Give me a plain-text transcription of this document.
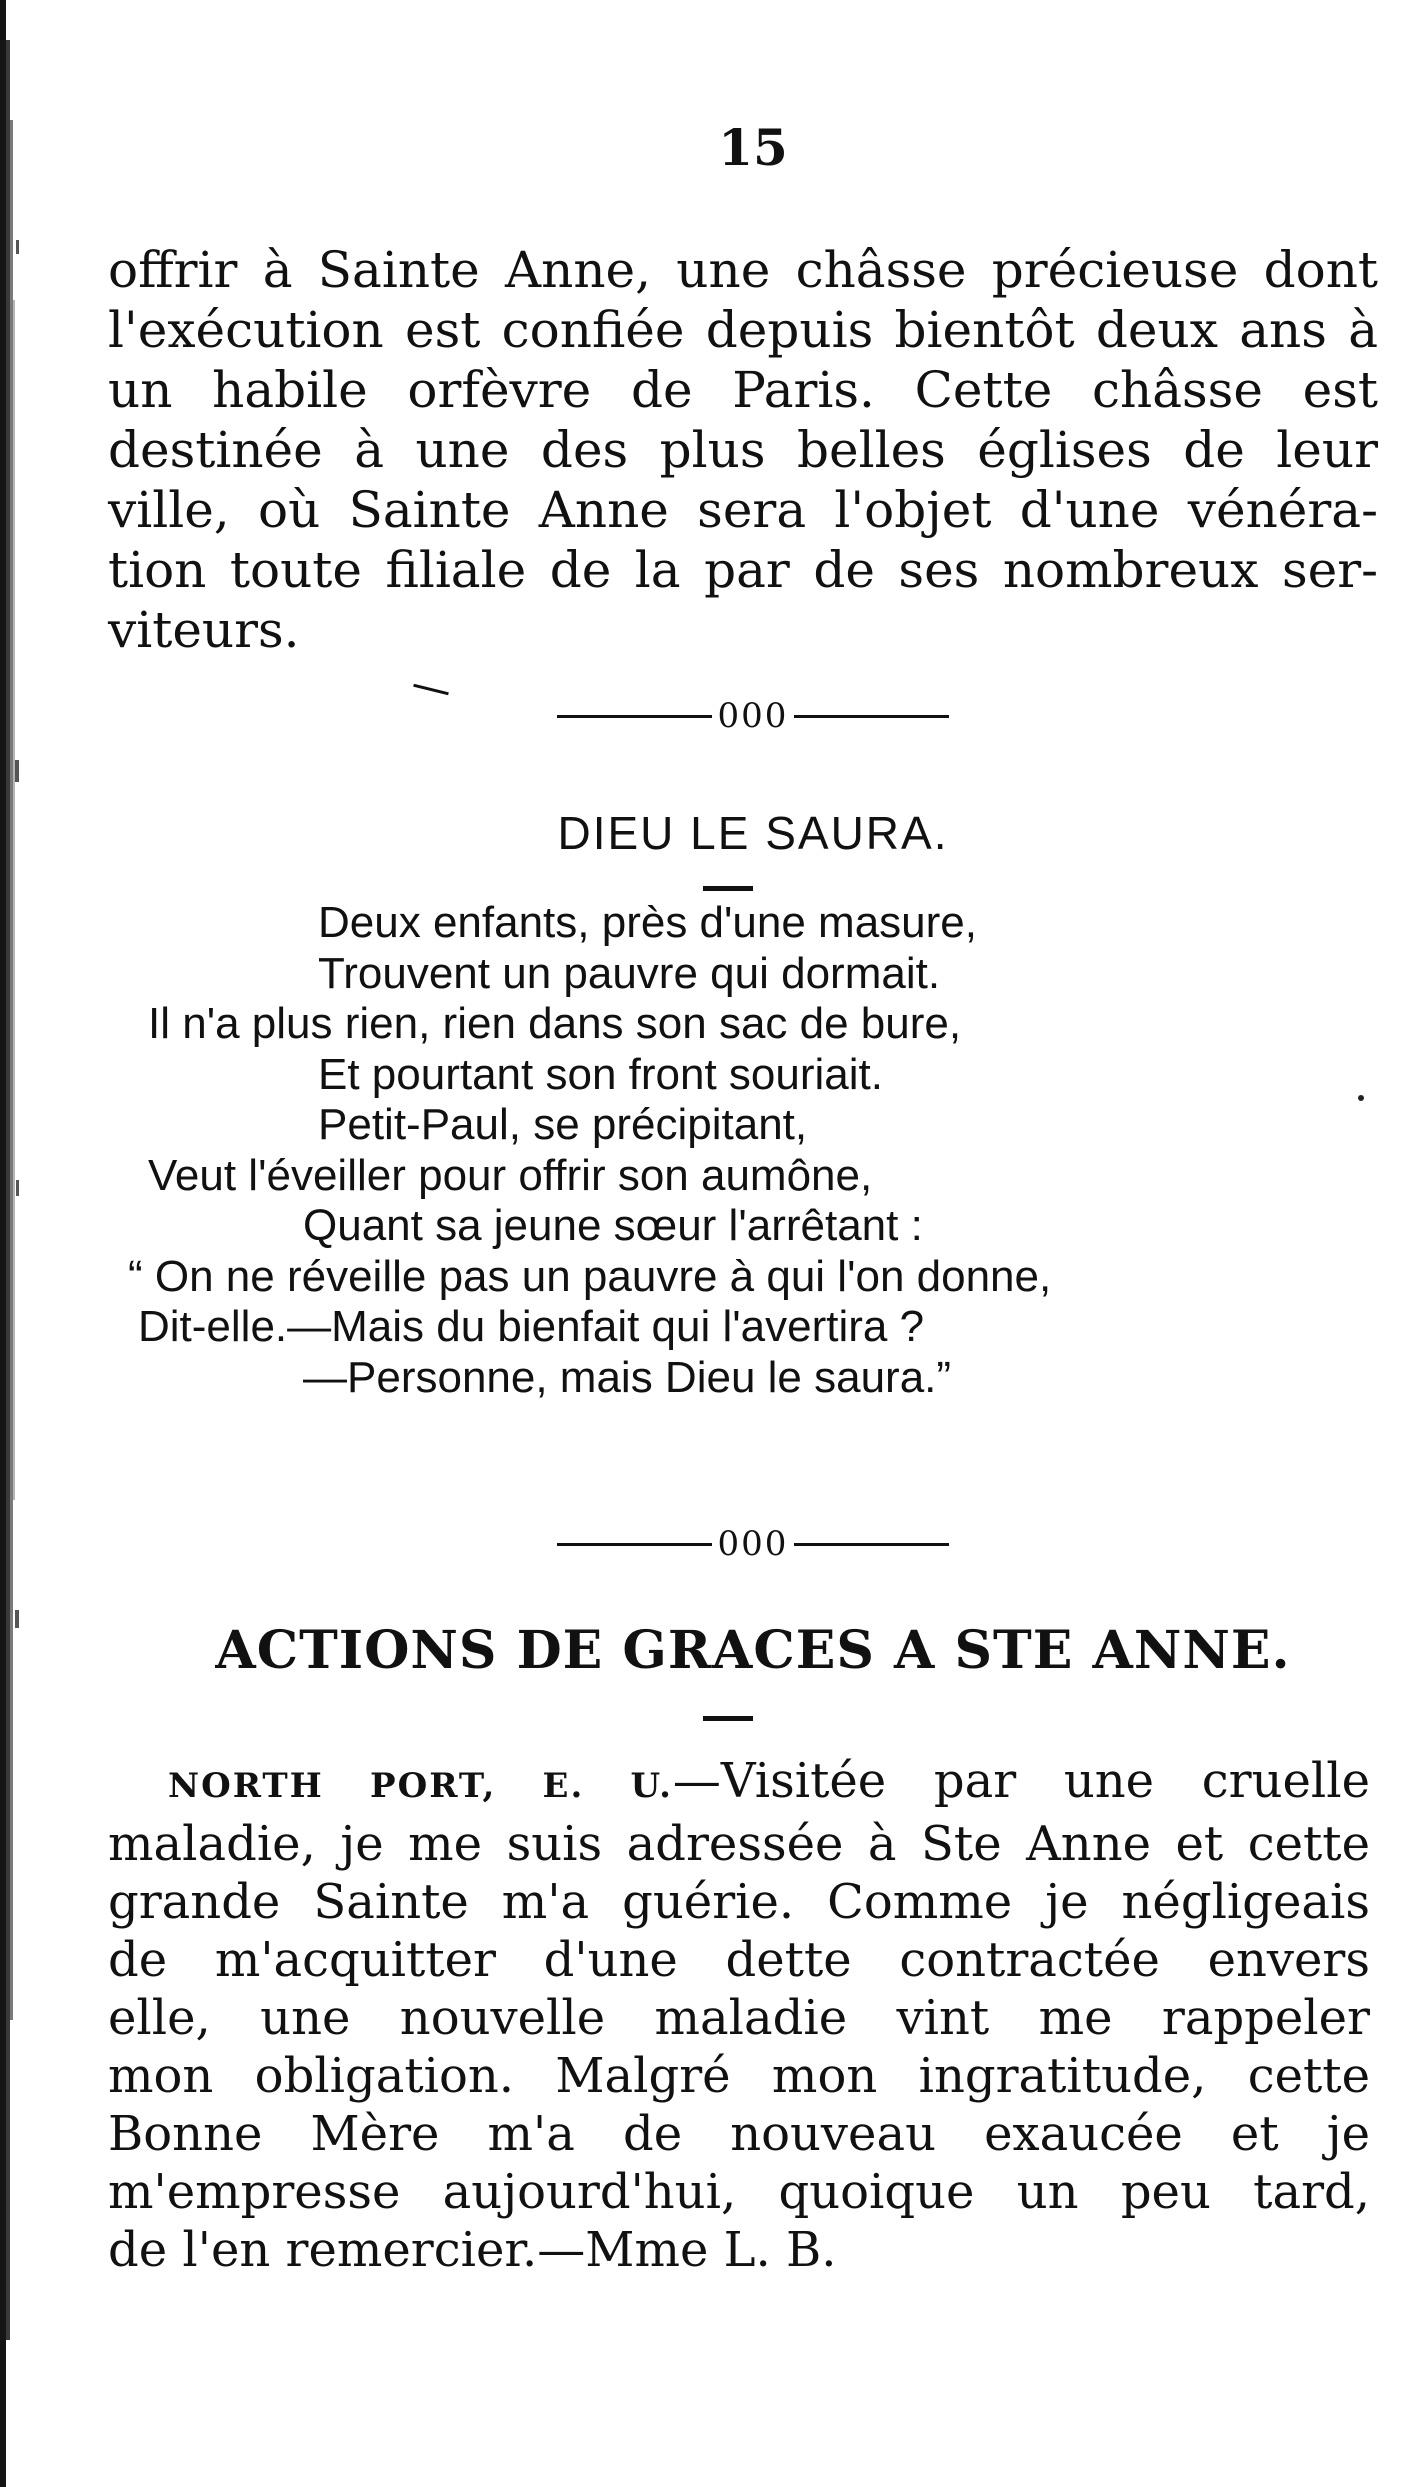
15
offrir à Sainte Anne, une châsse précieuse dont
l'exécution est confiée depuis bientôt deux ans à
un habile orfèvre de Paris. Cette châsse est
destinée à une des plus belles églises de leur
ville, où Sainte Anne sera l'objet d'une vénéra-
tion toute filiale de la par de ses nombreux ser-
viteurs.
000
DIEU LE SAURA.
Deux enfants, près d'une masure,
Trouvent un pauvre qui dormait.
Il n'a plus rien, rien dans son sac de bure,
Et pourtant son front souriait.
Petit-Paul, se précipitant,
Veut l'éveiller pour offrir son aumône,
Quant sa jeune sœur l'arrêtant :
“ On ne réveille pas un pauvre à qui l'on donne,
Dit-elle.—Mais du bienfait qui l'avertira ?
—Personne, mais Dieu le saura.”
000
ACTIONS DE GRACES A STE ANNE.
NORTH PORT, E. U.—Visitée par une cruelle
maladie, je me suis adressée à Ste Anne et cette
grande Sainte m'a guérie. Comme je négligeais
de m'acquitter d'une dette contractée envers
elle, une nouvelle maladie vint me rappeler
mon obligation. Malgré mon ingratitude, cette
Bonne Mère m'a de nouveau exaucée et je
m'empresse aujourd'hui, quoique un peu tard,
de l'en remercier.—Mme L. B.
